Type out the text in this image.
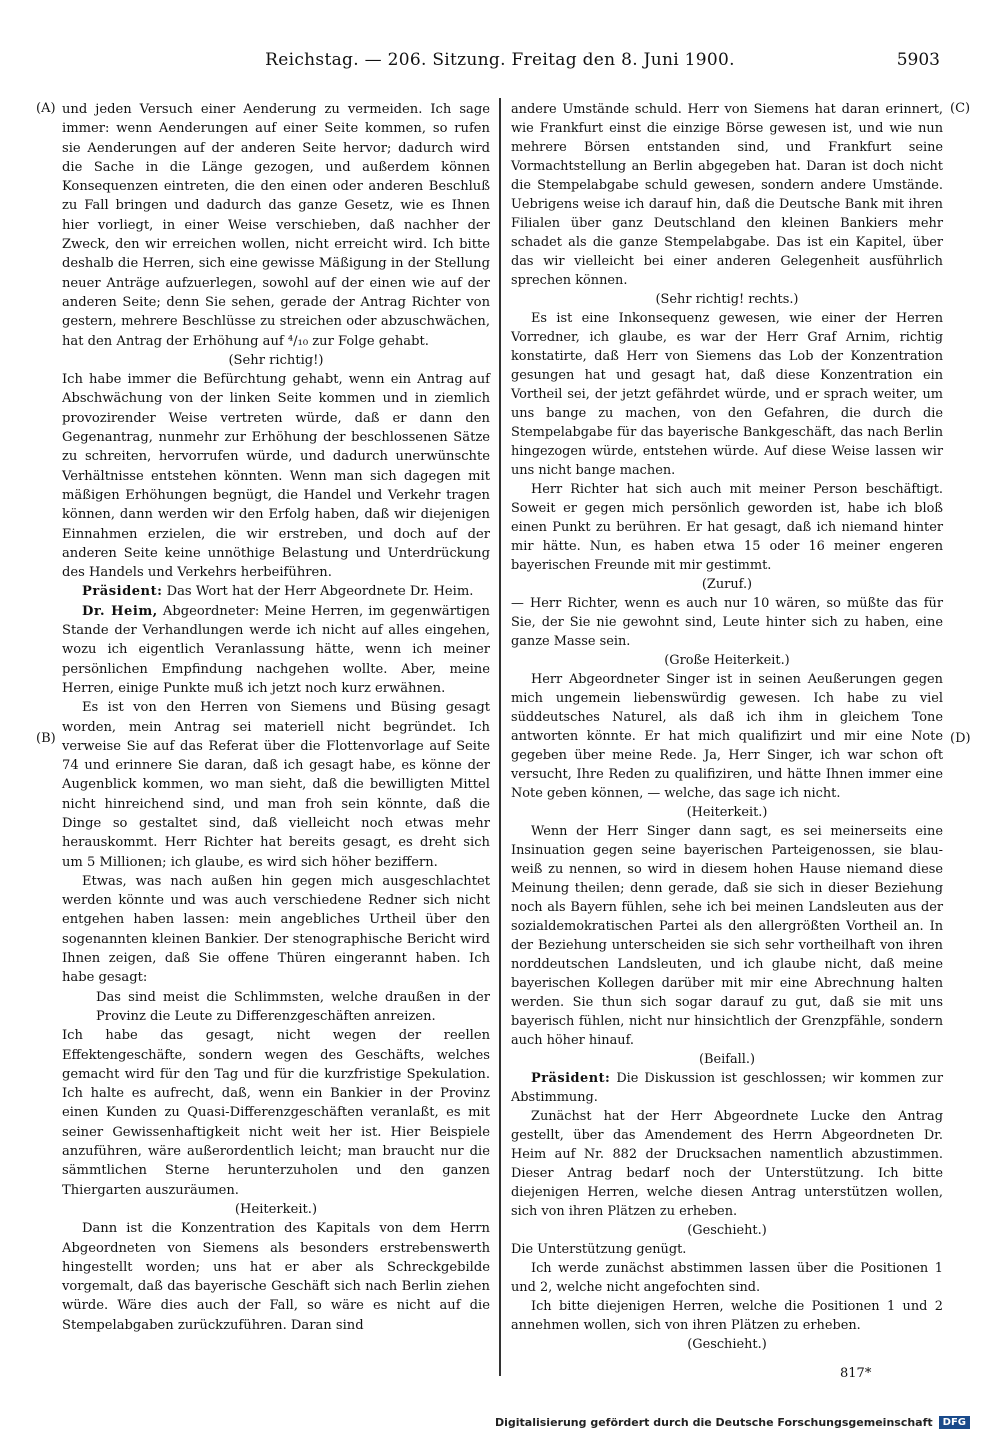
Reichstag. — 206. Sitzung. Freitag den 8. Juni 1900.	5903
(A)
(B)
(C)
(D)

und jeden Versuch einer Aenderung zu vermeiden. Ich sage immer: wenn Aenderungen auf einer Seite kommen, so rufen sie Aenderungen auf der anderen Seite hervor; dadurch wird die Sache in die Länge gezogen, und außerdem können Konsequenzen eintreten, die den einen oder anderen Beschluß zu Fall bringen und dadurch das ganze Gesetz, wie es Ihnen hier vorliegt, in einer Weise verschieben, daß nachher der Zweck, den wir erreichen wollen, nicht erreicht wird. Ich bitte deshalb die Herren, sich eine gewisse Mäßigung in der Stellung neuer Anträge aufzuerlegen, sowohl auf der einen wie auf der anderen Seite; denn Sie sehen, gerade der Antrag Richter von gestern, mehrere Beschlüsse zu streichen oder abzuschwächen, hat den Antrag der Erhöhung auf ⁴/₁₀ zur Folge gehabt.

(Sehr richtig!)

Ich habe immer die Befürchtung gehabt, wenn ein Antrag auf Abschwächung von der linken Seite kommen und in ziemlich provozirender Weise vertreten würde, daß er dann den Gegenantrag, nunmehr zur Erhöhung der beschlossenen Sätze zu schreiten, hervorrufen würde, und dadurch unerwünschte Verhältnisse entstehen könnten. Wenn man sich dagegen mit mäßigen Erhöhungen begnügt, die Handel und Verkehr tragen können, dann werden wir den Erfolg haben, daß wir diejenigen Einnahmen erzielen, die wir erstreben, und doch auf der anderen Seite keine unnöthige Belastung und Unterdrückung des Handels und Verkehrs herbeiführen.

Präsident: Das Wort hat der Herr Abgeordnete Dr. Heim.

Dr. Heim, Abgeordneter: Meine Herren, im gegenwärtigen Stande der Verhandlungen werde ich nicht auf alles eingehen, wozu ich eigentlich Veranlassung hätte, wenn ich meiner persönlichen Empfindung nachgehen wollte. Aber, meine Herren, einige Punkte muß ich jetzt noch kurz erwähnen.

Es ist von den Herren von Siemens und Büsing gesagt worden, mein Antrag sei materiell nicht begründet. Ich verweise Sie auf das Referat über die Flottenvorlage auf Seite 74 und erinnere Sie daran, daß ich gesagt habe, es könne der Augenblick kommen, wo man sieht, daß die bewilligten Mittel nicht hinreichend sind, und man froh sein könnte, daß die Dinge so gestaltet sind, daß vielleicht noch etwas mehr herauskommt. Herr Richter hat bereits gesagt, es dreht sich um 5 Millionen; ich glaube, es wird sich höher beziffern.

Etwas, was nach außen hin gegen mich ausgeschlachtet werden könnte und was auch verschiedene Redner sich nicht entgehen haben lassen: mein angebliches Urtheil über den sogenannten kleinen Bankier. Der stenographische Bericht wird Ihnen zeigen, daß Sie offene Thüren eingerannt haben. Ich habe gesagt:

Das sind meist die Schlimmsten, welche draußen in der Provinz die Leute zu Differenzgeschäften anreizen.

Ich habe das gesagt, nicht wegen der reellen Effektengeschäfte, sondern wegen des Geschäfts, welches gemacht wird für den Tag und für die kurzfristige Spekulation. Ich halte es aufrecht, daß, wenn ein Bankier in der Provinz einen Kunden zu Quasi-Differenzgeschäften veranlaßt, es mit seiner Gewissenhaftigkeit nicht weit her ist. Hier Beispiele anzuführen, wäre außerordentlich leicht; man braucht nur die sämmtlichen Sterne herunterzuholen und den ganzen Thiergarten auszuräumen.

(Heiterkeit.)

Dann ist die Konzentration des Kapitals von dem Herrn Abgeordneten von Siemens als besonders erstrebenswerth hingestellt worden; uns hat er aber als Schreckgebilde vorgemalt, daß das bayerische Geschäft sich nach Berlin ziehen würde. Wäre dies auch der Fall, so wäre es nicht auf die Stempelabgaben zurückzuführen. Daran sind

andere Umstände schuld. Herr von Siemens hat daran erinnert, wie Frankfurt einst die einzige Börse gewesen ist, und wie nun mehrere Börsen entstanden sind, und Frankfurt seine Vormachtstellung an Berlin abgegeben hat. Daran ist doch nicht die Stempelabgabe schuld gewesen, sondern andere Umstände. Uebrigens weise ich darauf hin, daß die Deutsche Bank mit ihren Filialen über ganz Deutschland den kleinen Bankiers mehr schadet als die ganze Stempelabgabe. Das ist ein Kapitel, über das wir vielleicht bei einer anderen Gelegenheit ausführlich sprechen können.

(Sehr richtig! rechts.)

Es ist eine Inkonsequenz gewesen, wie einer der Herren Vorredner, ich glaube, es war der Herr Graf Arnim, richtig konstatirte, daß Herr von Siemens das Lob der Konzentration gesungen hat und gesagt hat, daß diese Konzentration ein Vortheil sei, der jetzt gefährdet würde, und er sprach weiter, um uns bange zu machen, von den Gefahren, die durch die Stempelabgabe für das bayerische Bankgeschäft, das nach Berlin hingezogen würde, entstehen würde. Auf diese Weise lassen wir uns nicht bange machen.

Herr Richter hat sich auch mit meiner Person beschäftigt. Soweit er gegen mich persönlich geworden ist, habe ich bloß einen Punkt zu berühren. Er hat gesagt, daß ich niemand hinter mir hätte. Nun, es haben etwa 15 oder 16 meiner engeren bayerischen Freunde mit mir gestimmt.

(Zuruf.)

— Herr Richter, wenn es auch nur 10 wären, so müßte das für Sie, der Sie nie gewohnt sind, Leute hinter sich zu haben, eine ganze Masse sein.

(Große Heiterkeit.)

Herr Abgeordneter Singer ist in seinen Aeußerungen gegen mich ungemein liebenswürdig gewesen. Ich habe zu viel süddeutsches Naturel, als daß ich ihm in gleichem Tone antworten könnte. Er hat mich qualifizirt und mir eine Note gegeben über meine Rede. Ja, Herr Singer, ich war schon oft versucht, Ihre Reden zu qualifiziren, und hätte Ihnen immer eine Note geben können, — welche, das sage ich nicht.

(Heiterkeit.)

Wenn der Herr Singer dann sagt, es sei meinerseits eine Insinuation gegen seine bayerischen Parteigenossen, sie blau-weiß zu nennen, so wird in diesem hohen Hause niemand diese Meinung theilen; denn gerade, daß sie sich in dieser Beziehung noch als Bayern fühlen, sehe ich bei meinen Landsleuten aus der sozialdemokratischen Partei als den allergrößten Vortheil an. In der Beziehung unterscheiden sie sich sehr vortheilhaft von ihren norddeutschen Landsleuten, und ich glaube nicht, daß meine bayerischen Kollegen darüber mit mir eine Abrechnung halten werden. Sie thun sich sogar darauf zu gut, daß sie mit uns bayerisch fühlen, nicht nur hinsichtlich der Grenzpfähle, sondern auch höher hinauf.

(Beifall.)

Präsident: Die Diskussion ist geschlossen; wir kommen zur Abstimmung.

Zunächst hat der Herr Abgeordnete Lucke den Antrag gestellt, über das Amendement des Herrn Abgeordneten Dr. Heim auf Nr. 882 der Drucksachen namentlich abzustimmen. Dieser Antrag bedarf noch der Unterstützung. Ich bitte diejenigen Herren, welche diesen Antrag unterstützen wollen, sich von ihren Plätzen zu erheben.

(Geschieht.)

Die Unterstützung genügt.

Ich werde zunächst abstimmen lassen über die Positionen 1 und 2, welche nicht angefochten sind.

Ich bitte diejenigen Herren, welche die Positionen 1 und 2 annehmen wollen, sich von ihren Plätzen zu erheben.

(Geschieht.)

817*
Digitalisierung gefördert durch die Deutsche Forschungsgemeinschaft	DFG
